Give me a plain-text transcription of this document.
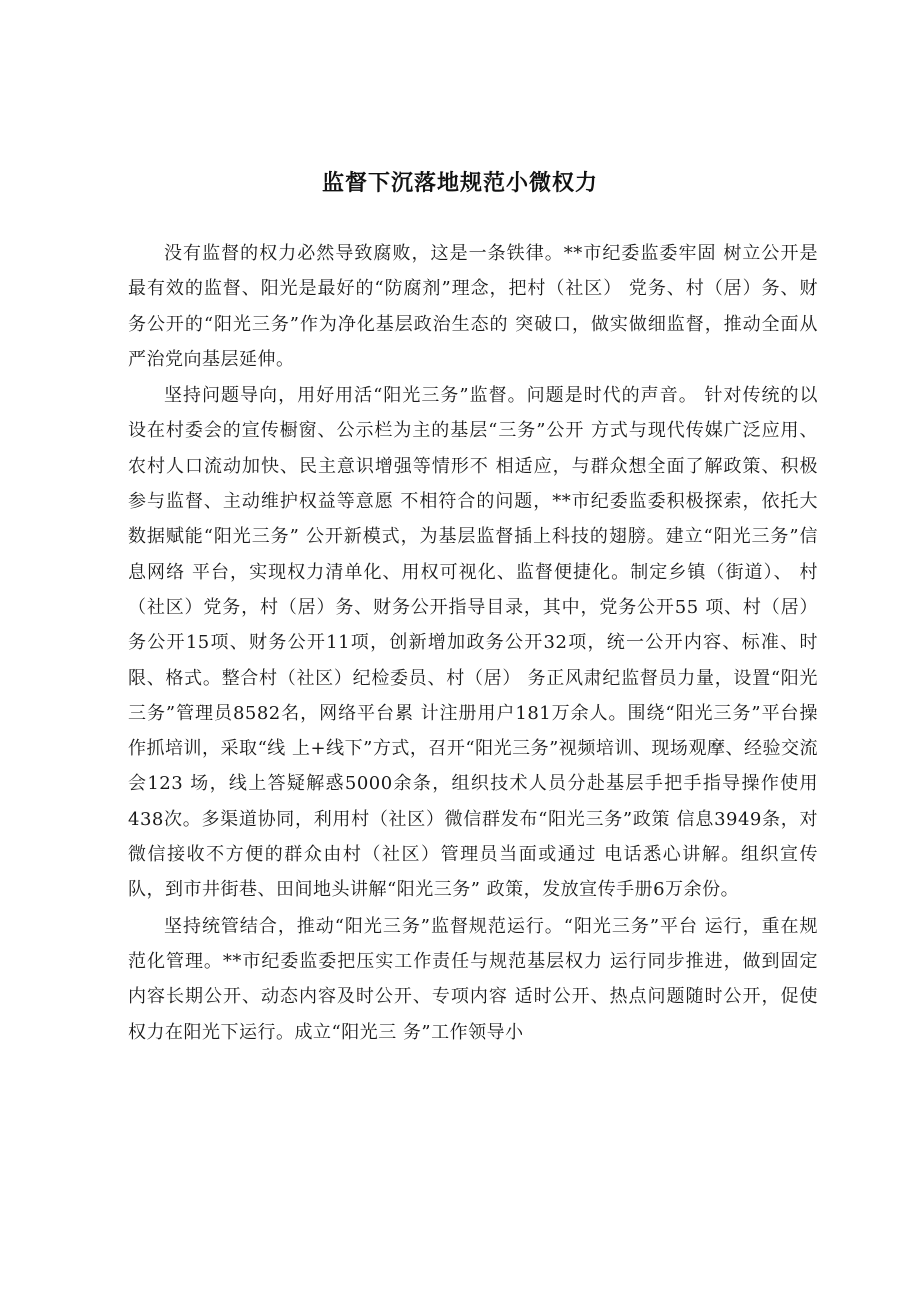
监督下沉落地规范小微权力

没有监督的权力必然导致腐败，这是一条铁律。**市纪委监委牢固 树立公开是最有效的监督、阳光是最好的“防腐剂”理念，把村（社区） 党务、村（居）务、财务公开的“阳光三务”作为净化基层政治生态的 突破口，做实做细监督，推动全面从严治党向基层延伸。

坚持问题导向，用好用活“阳光三务”监督。问题是时代的声音。 针对传统的以设在村委会的宣传橱窗、公示栏为主的基层“三务”公开 方式与现代传媒广泛应用、农村人口流动加快、民主意识增强等情形不 相适应，与群众想全面了解政策、积极参与监督、主动维护权益等意愿 不相符合的问题，**市纪委监委积极探索，依托大数据赋能“阳光三务” 公开新模式，为基层监督插上科技的翅膀。建立“阳光三务”信息网络 平台，实现权力清单化、用权可视化、监督便捷化。制定乡镇（街道）、 村（社区）党务，村（居）务、财务公开指导目录，其中，党务公开55 项、村（居）务公开15项、财务公开11项，创新增加政务公开32项，统一公开内容、标准、时限、格式。整合村（社区）纪检委员、村（居） 务正风肃纪监督员力量，设置“阳光三务”管理员8582名，网络平台累 计注册用户181万余人。围绕“阳光三务”平台操作抓培训，采取“线 上+线下”方式，召开“阳光三务”视频培训、现场观摩、经验交流会123 场，线上答疑解惑5000余条，组织技术人员分赴基层手把手指导操作使用438次。多渠道协同，利用村（社区）微信群发布“阳光三务”政策 信息3949条，对微信接收不方便的群众由村（社区）管理员当面或通过 电话悉心讲解。组织宣传队，到市井街巷、田间地头讲解“阳光三务” 政策，发放宣传手册6万余份。

坚持统管结合，推动“阳光三务”监督规范运行。“阳光三务”平台 运行，重在规范化管理。**市纪委监委把压实工作责任与规范基层权力 运行同步推进，做到固定内容长期公开、动态内容及时公开、专项内容 适时公开、热点问题随时公开，促使权力在阳光下运行。成立“阳光三 务”工作领导小
